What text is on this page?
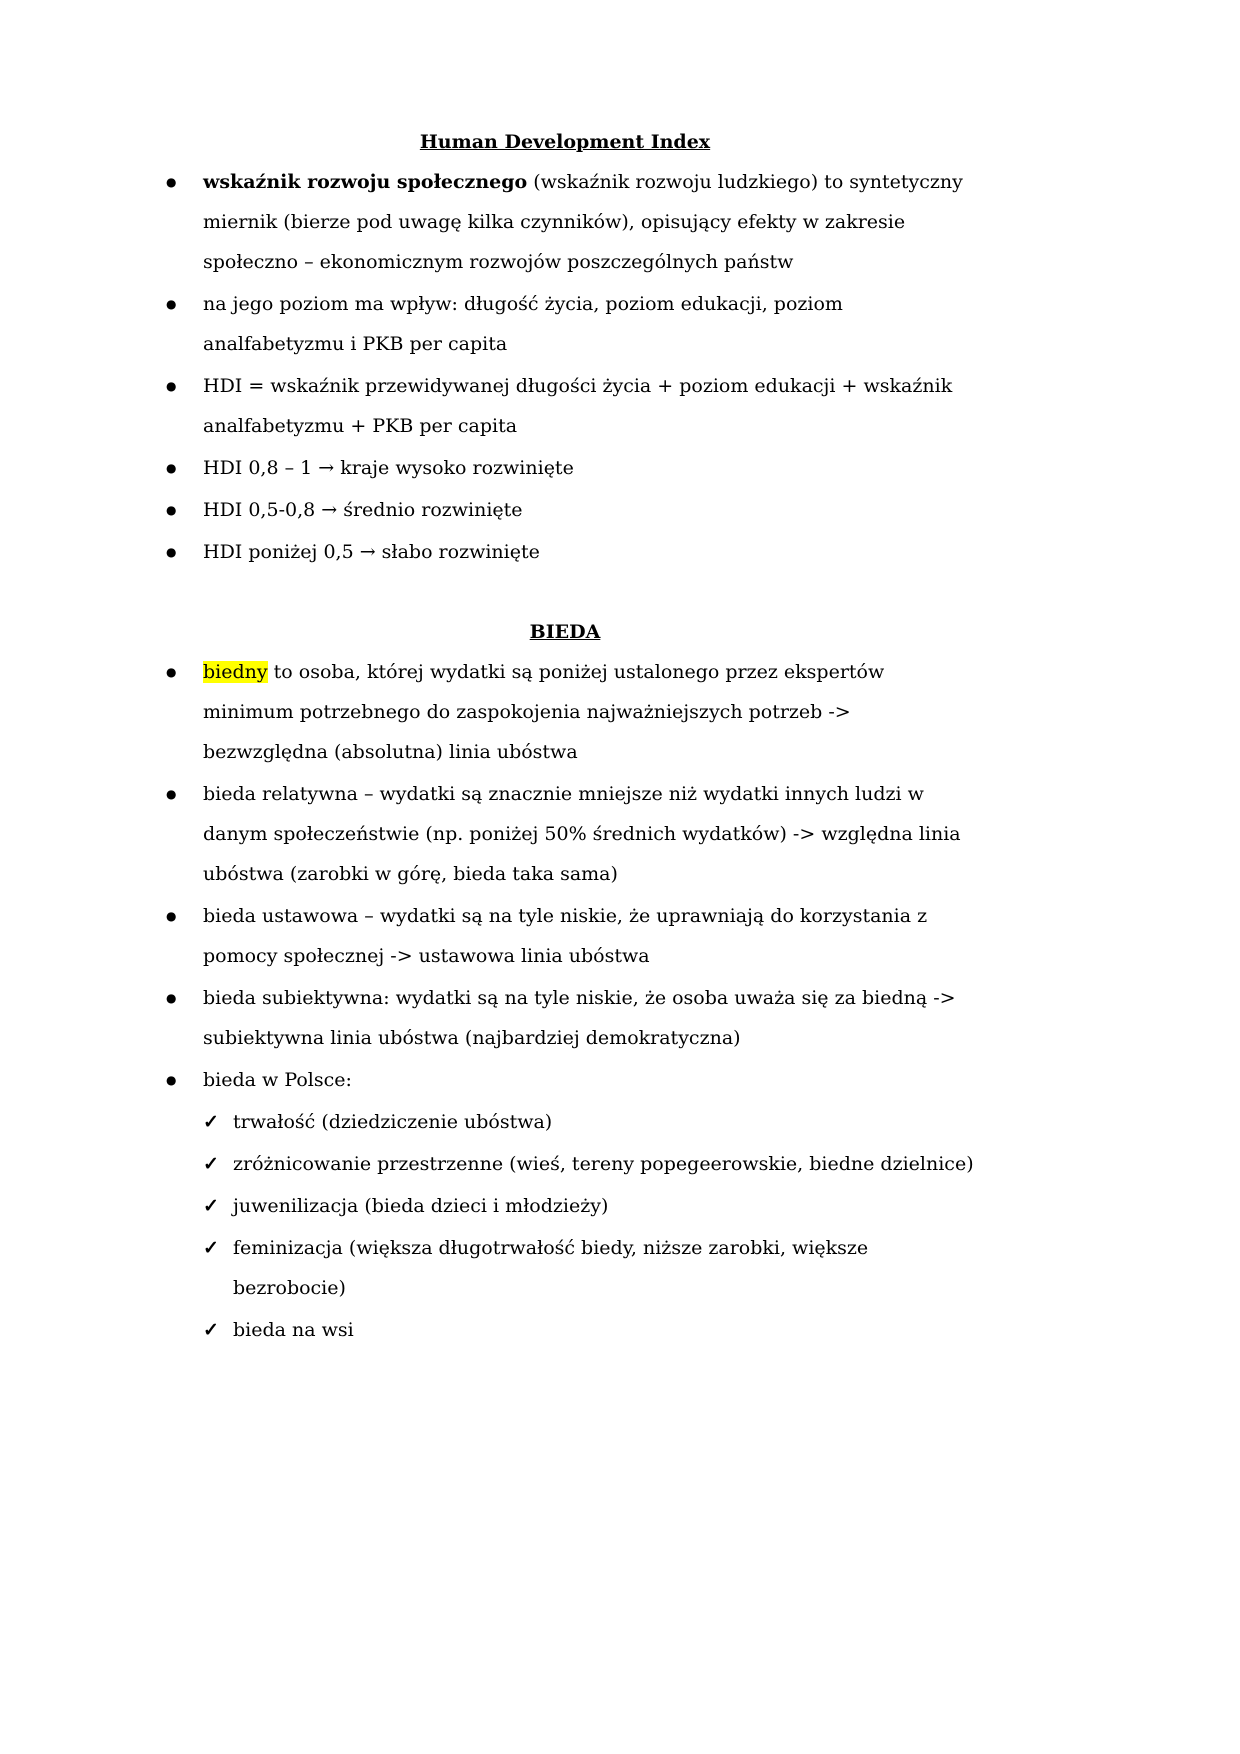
Human Development Index
● wskaźnik rozwoju społecznego (wskaźnik rozwoju ludzkiego) to syntetyczny miernik (bierze pod uwagę kilka czynników), opisujący efekty w zakresie społeczno – ekonomicznym rozwojów poszczególnych państw
● na jego poziom ma wpływ: długość życia, poziom edukacji, poziom analfabetyzmu i PKB per capita
● HDI = wskaźnik przewidywanej długości życia + poziom edukacji + wskaźnik analfabetyzmu + PKB per capita
● HDI 0,8 – 1 → kraje wysoko rozwinięte
● HDI 0,5-0,8 → średnio rozwinięte
● HDI poniżej 0,5 → słabo rozwinięte
BIEDA
● biedny to osoba, której wydatki są poniżej ustalonego przez ekspertów minimum potrzebnego do zaspokojenia najważniejszych potrzeb -> bezwzględna (absolutna) linia ubóstwa
● bieda relatywna – wydatki są znacznie mniejsze niż wydatki innych ludzi w danym społeczeństwie (np. poniżej 50% średnich wydatków) -> względna linia ubóstwa (zarobki w górę, bieda taka sama)
● bieda ustawowa – wydatki są na tyle niskie, że uprawniają do korzystania z pomocy społecznej -> ustawowa linia ubóstwa
● bieda subiektywna: wydatki są na tyle niskie, że osoba uważa się za biedną -> subiektywna linia ubóstwa (najbardziej demokratyczna)
● bieda w Polsce:
✓ trwałość (dziedziczenie ubóstwa)
✓ zróżnicowanie przestrzenne (wieś, tereny popegeerowskie, biedne dzielnice)
✓ juwenilizacja (bieda dzieci i młodzieży)
✓ feminizacja (większa długotrwałość biedy, niższe zarobki, większe bezrobocie)
✓ bieda na wsi
